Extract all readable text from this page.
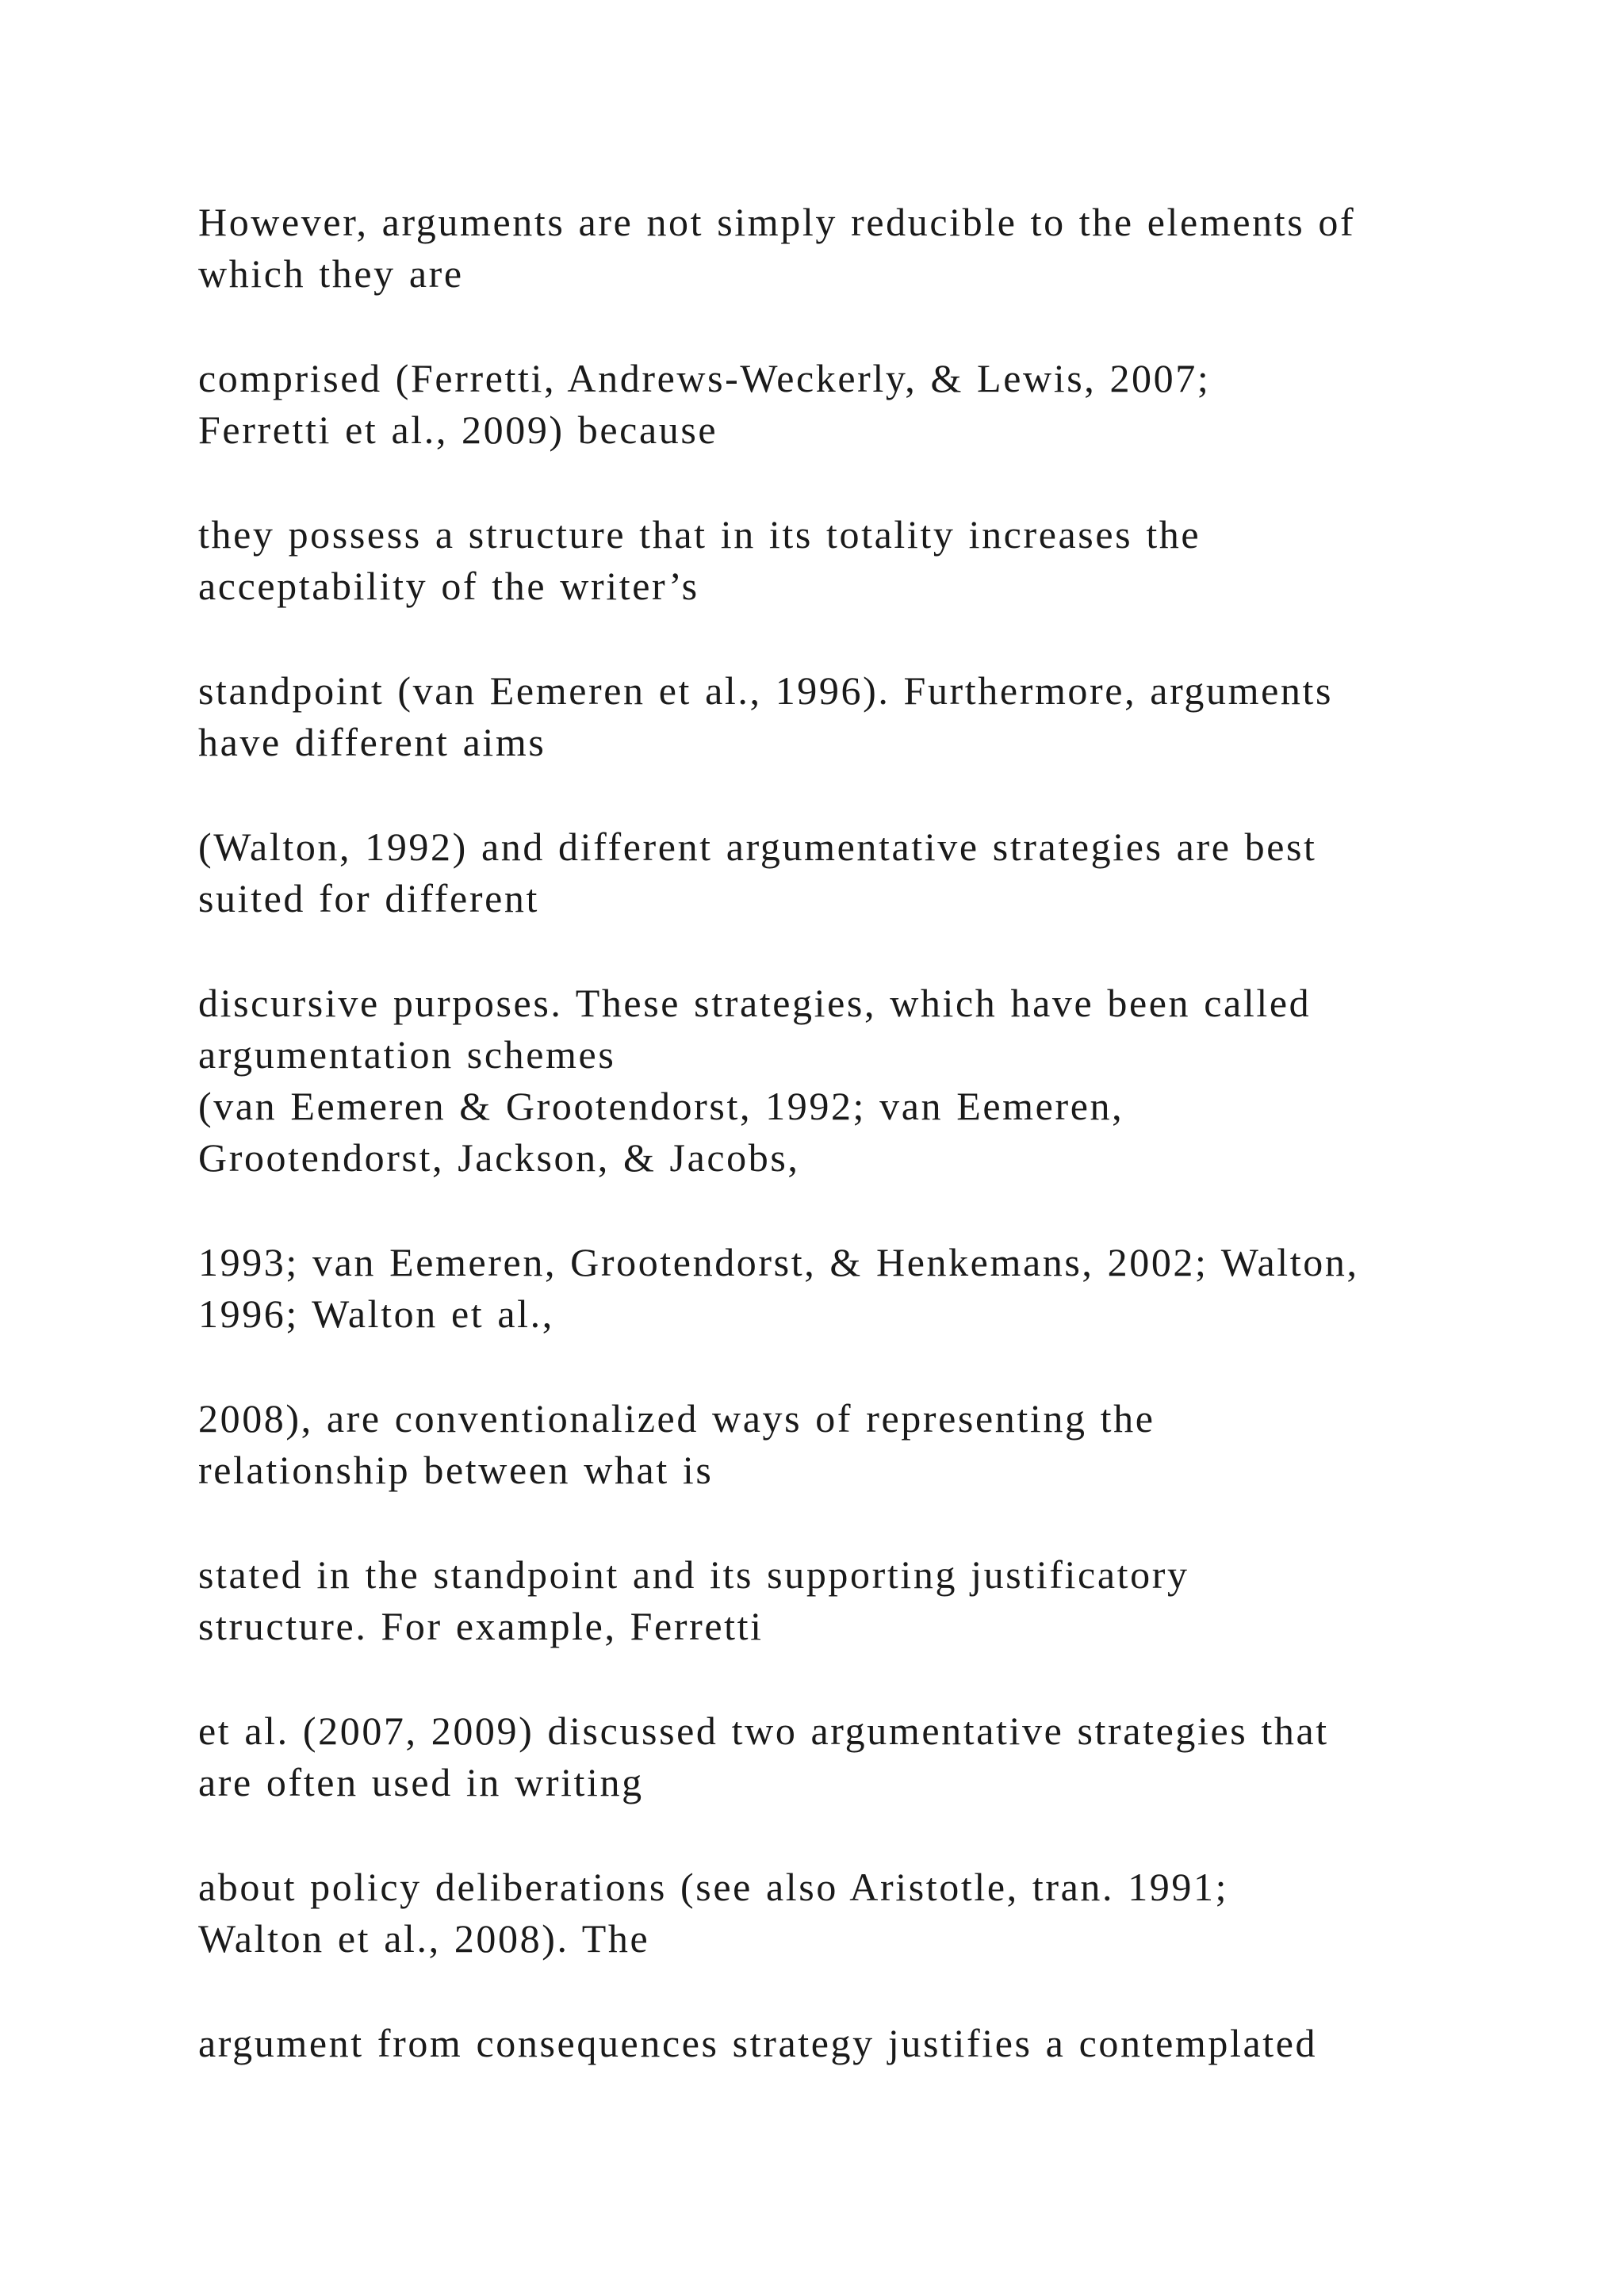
However, arguments are not simply reducible to the elements of
which they are

comprised (Ferretti, Andrews-Weckerly, & Lewis, 2007;
Ferretti et al., 2009) because

they possess a structure that in its totality increases the
acceptability of the writer’s

standpoint (van Eemeren et al., 1996). Furthermore, arguments
have different aims

(Walton, 1992) and different argumentative strategies are best
suited for different

discursive purposes. These strategies, which have been called
argumentation schemes
(van Eemeren & Grootendorst, 1992; van Eemeren,
Grootendorst, Jackson, & Jacobs,

1993; van Eemeren, Grootendorst, & Henkemans, 2002; Walton,
1996; Walton et al.,

2008), are conventionalized ways of representing the
relationship between what is

stated in the standpoint and its supporting justificatory
structure. For example, Ferretti

et al. (2007, 2009) discussed two argumentative strategies that
are often used in writing

about policy deliberations (see also Aristotle, tran. 1991;
Walton et al., 2008). The

argument from consequences strategy justifies a contemplated
